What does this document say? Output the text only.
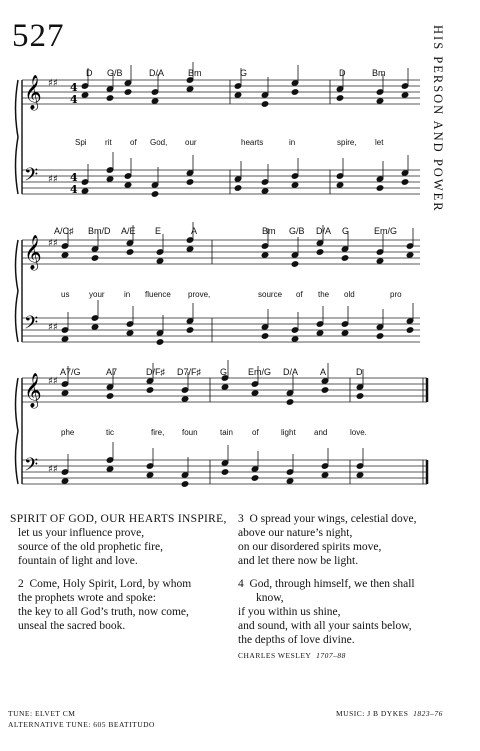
527	HIS PERSON AND POWER
𝄞
𝄢
♯♯
♯♯
4
4
4
4
𝄞
𝄢
♯♯
♯♯
𝄞
𝄢
♯♯
♯♯
D G/B	D/A	Bm	G	D	Bm
Spi rit of God, our	hearts	in	spire, let
A/C♯ Bm/D A/E E	A	Bm G/B D/A G	Em/G
us your in fluence prove,	source of the old	pro
A7/G	A7	D/F♯ D7/F♯ G Em/G D/A A	D
phe	tic	fire, foun	tain of	light and	love.
SPIRIT OF GOD, OUR HEARTS INSPIRE,
let us your influence prove,
source of the old prophetic fire,
fountain of light and love.
2 Come, Holy Spirit, Lord, by whom
the prophets wrote and spoke:
the key to all God’s truth, now come,
unseal the sacred book.
3 O spread your wings, celestial dove,
above our nature’s night,
on our disordered spirits move,
and let there now be light.
4 God, through himself, we then shall
know,
if you within us shine,
and sound, with all your saints below,
the depths of love divine.
CHARLES WESLEY 1707–88
TUNE: ELVET CM
ALTERNATIVE TUNE: 605 BEATITUDO
MUSIC: J B DYKES 1823–76
